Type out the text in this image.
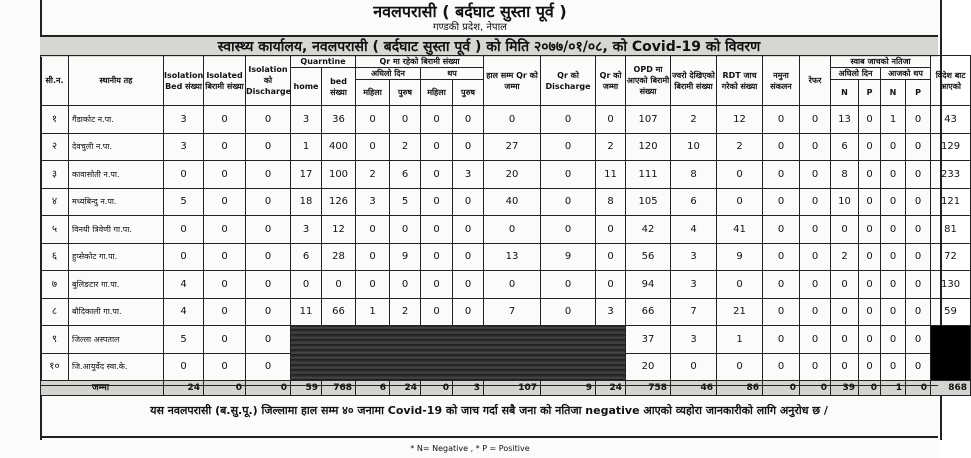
नवलपरासी ( बर्दघाट सुस्ता पूर्व )
गण्डकी प्रदेश, नेपाल
स्वास्थ्य कार्यालय, नवलपरासी ( बर्दघाट सुस्ता पूर्व ) को मिति २०७७/०१/०८, को Covid-19 को विवरण
सी.न.	स्थानीय तह	Isolation Bed संख्या	Isolated बिरामी संख्या	Isolation को Discharge	Quarntine		Qr मा रहेको बिरामी संख्या				हाल सम्म Qr को जम्मा	Qr को Discharge	Qr को जम्मा	OPD मा आएको बिरामी संख्या	ज्वरो देखिएको बिरामी संख्या	RDT जाच गरेको संख्या	नमुना संकलन	रेफर	स्वाब जाचको नतिजा				विदेश बाट आएको
					home	bed संख्या	अघिलो दिन		थप										अघिलो दिन		आजको थप		
							महिला	पुरुष	महिला	पुरुष									N	P	N	P	
१	गैंडाकोट न.पा.	3	0	0	3	36	0	0	0	0	0	0	0	107	2	12	0	0	13	0	1	0	43
२	देवचुली न.पा.	3	0	0	1	400	0	2	0	0	27	0	2	120	10	2	0	0	6	0	0	0	129
३	कावासोती न.पा.	0	0	0	17	100	2	6	0	3	20	0	11	111	8	0	0	0	8	0	0	0	233
४	मध्यबिन्दु न.पा.	5	0	0	18	126	3	5	0	0	40	0	8	105	6	0	0	0	10	0	0	0	121
५	विनयी त्रिवेणी गा.पा.	0	0	0	3	12	0	0	0	0	0	0	0	42	4	41	0	0	0	0	0	0	81
६	हुप्सेकोट गा.पा.	0	0	0	6	28	0	9	0	0	13	9	0	56	3	9	0	0	2	0	0	0	72
७	बुलिङटार गा.पा.	4	0	0	0	0	0	0	0	0	0	0	0	94	3	0	0	0	0	0	0	0	130
८	बौदिकाली गा.पा.	4	0	0	11	66	1	2	0	0	7	0	3	66	7	21	0	0	0	0	0	0	59
९	जिल्ला अस्पताल	5	0	0										37	3	1	0	0	0	0	0	0	
१०	जि.आयुर्वेद स्वा.के.	0	0	0										20	0	0	0	0	0	0	0	0	
जम्मा		24	0	0	59	768	6	24	0	3	107	9	24	758	46	86	0	0	39	0	1	0	868
यस नवलपरासी (ब.सु.पू.) जिल्लामा हाल सम्म ४० जनामा Covid-19 को जाच गर्दा सबै जना को नतिजा negative आएको व्यहोरा जानकारीको लागि अनुरोध छ /
* N= Negative , * P = Positive
